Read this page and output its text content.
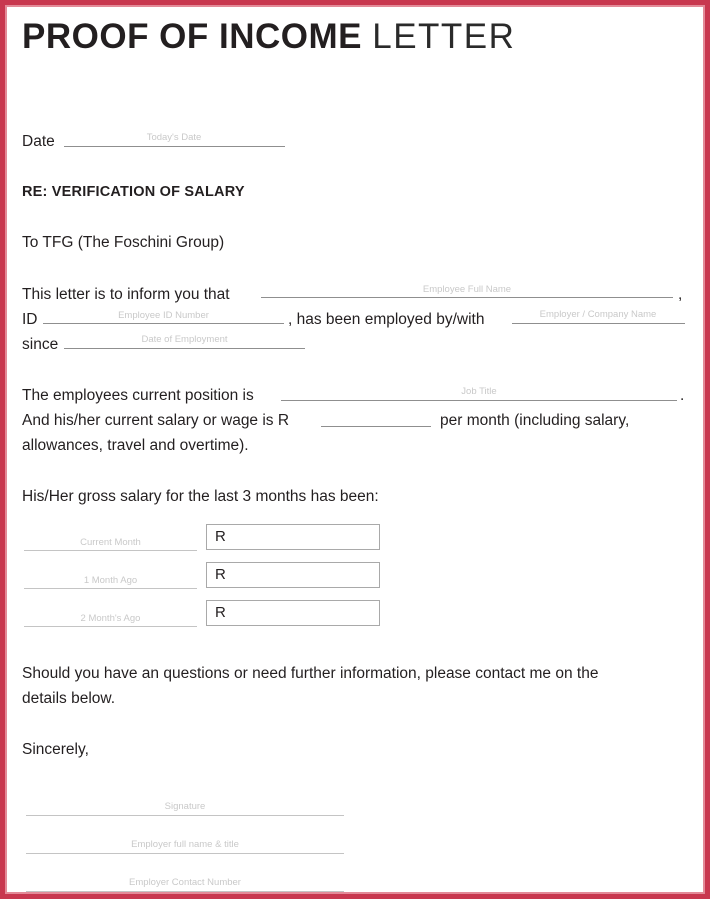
PROOF OF INCOME LETTER
Date	Today's Date
RE: VERIFICATION OF SALARY
To TFG (The Foschini Group)
This letter is to inform you that	Employee Full Name	,
ID	Employee ID Number	, has been employed by/with	Employer / Company Name
since	Date of Employment
The employees current position is	Job Title	.
And his/her current salary or wage is R	per month (including salary,
allowances, travel and overtime).
His/Her gross salary for the last 3 months has been:
Current Month	R
1 Month Ago	R
2 Month's Ago	R
Should you have an questions or need further information, please contact me on the
details below.
Sincerely,
Signature
Employer full name & title
Employer Contact Number
